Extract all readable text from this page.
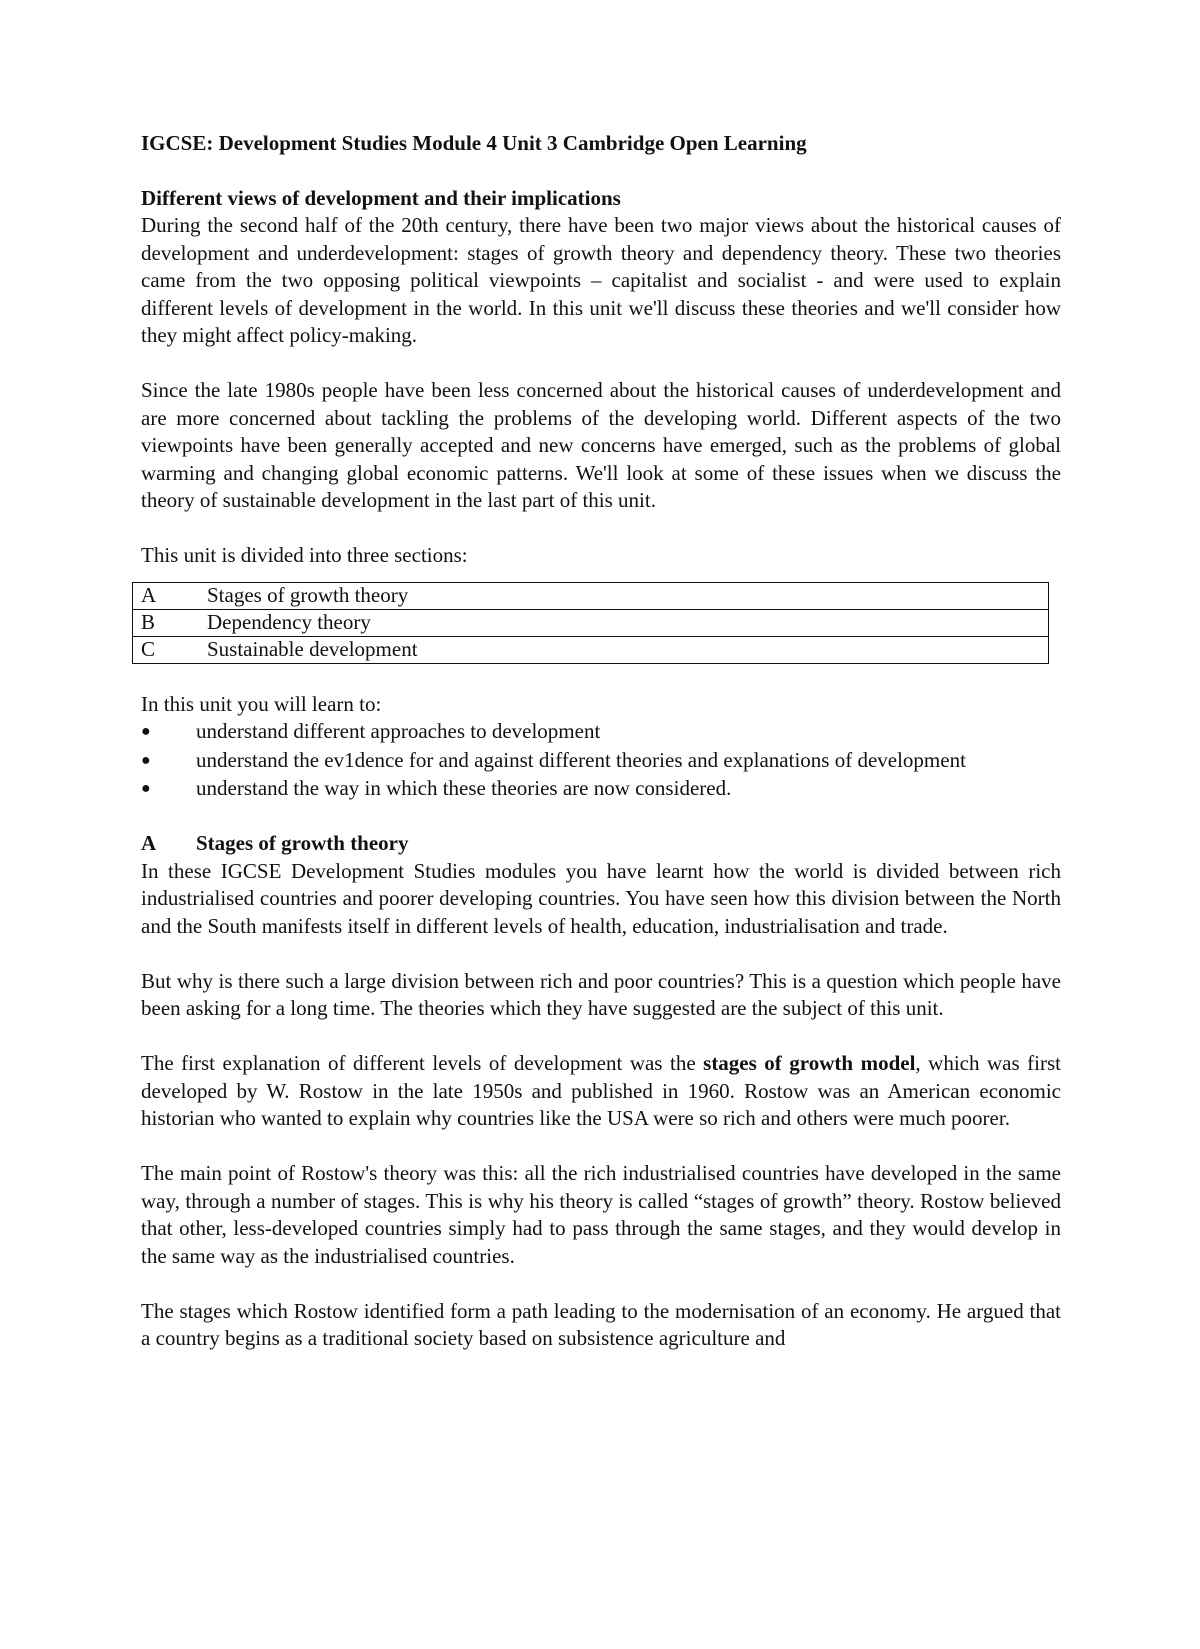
IGCSE: Development Studies Module 4 Unit 3 Cambridge Open Learning
Different views of development and their implications

During the second half of the 20th century, there have been two major views about the historical causes of development and underdevelopment: stages of growth theory and dependency theory. These two theories came from the two opposing political viewpoints – capitalist and socialist - and were used to explain different levels of development in the world. In this unit we'll discuss these theories and we'll consider how they might affect policy-making.

Since the late 1980s people have been less concerned about the historical causes of underdevelopment and are more concerned about tackling the problems of the developing world. Different aspects of the two viewpoints have been generally accepted and new concerns have emerged, such as the problems of global warming and changing global economic patterns. We'll look at some of these issues when we discuss the theory of sustainable development in the last part of this unit.

This unit is divided into three sections:

A	Stages of growth theory
B	Dependency theory
C	Sustainable development
In this unit you will learn to:
● understand different approaches to development
● understand the ev1dence for and against different theories and explanations of development
● understand the way in which these theories are now considered.
A Stages of growth theory

In these IGCSE Development Studies modules you have learnt how the world is divided between rich industrialised countries and poorer developing countries. You have seen how this division between the North and the South manifests itself in different levels of health, education, industrialisation and trade.

But why is there such a large division between rich and poor countries? This is a question which people have been asking for a long time. The theories which they have suggested are the subject of this unit.

The first explanation of different levels of development was the stages of growth model, which was first developed by W. Rostow in the late 1950s and published in 1960. Rostow was an American economic historian who wanted to explain why countries like the USA were so rich and others were much poorer.

The main point of Rostow's theory was this: all the rich industrialised countries have developed in the same way, through a number of stages. This is why his theory is called “stages of growth” theory. Rostow believed that other, less-developed countries simply had to pass through the same stages, and they would develop in the same way as the industrialised countries.

The stages which Rostow identified form a path leading to the modernisation of an economy. He argued that a country begins as a traditional society based on subsistence agriculture and
